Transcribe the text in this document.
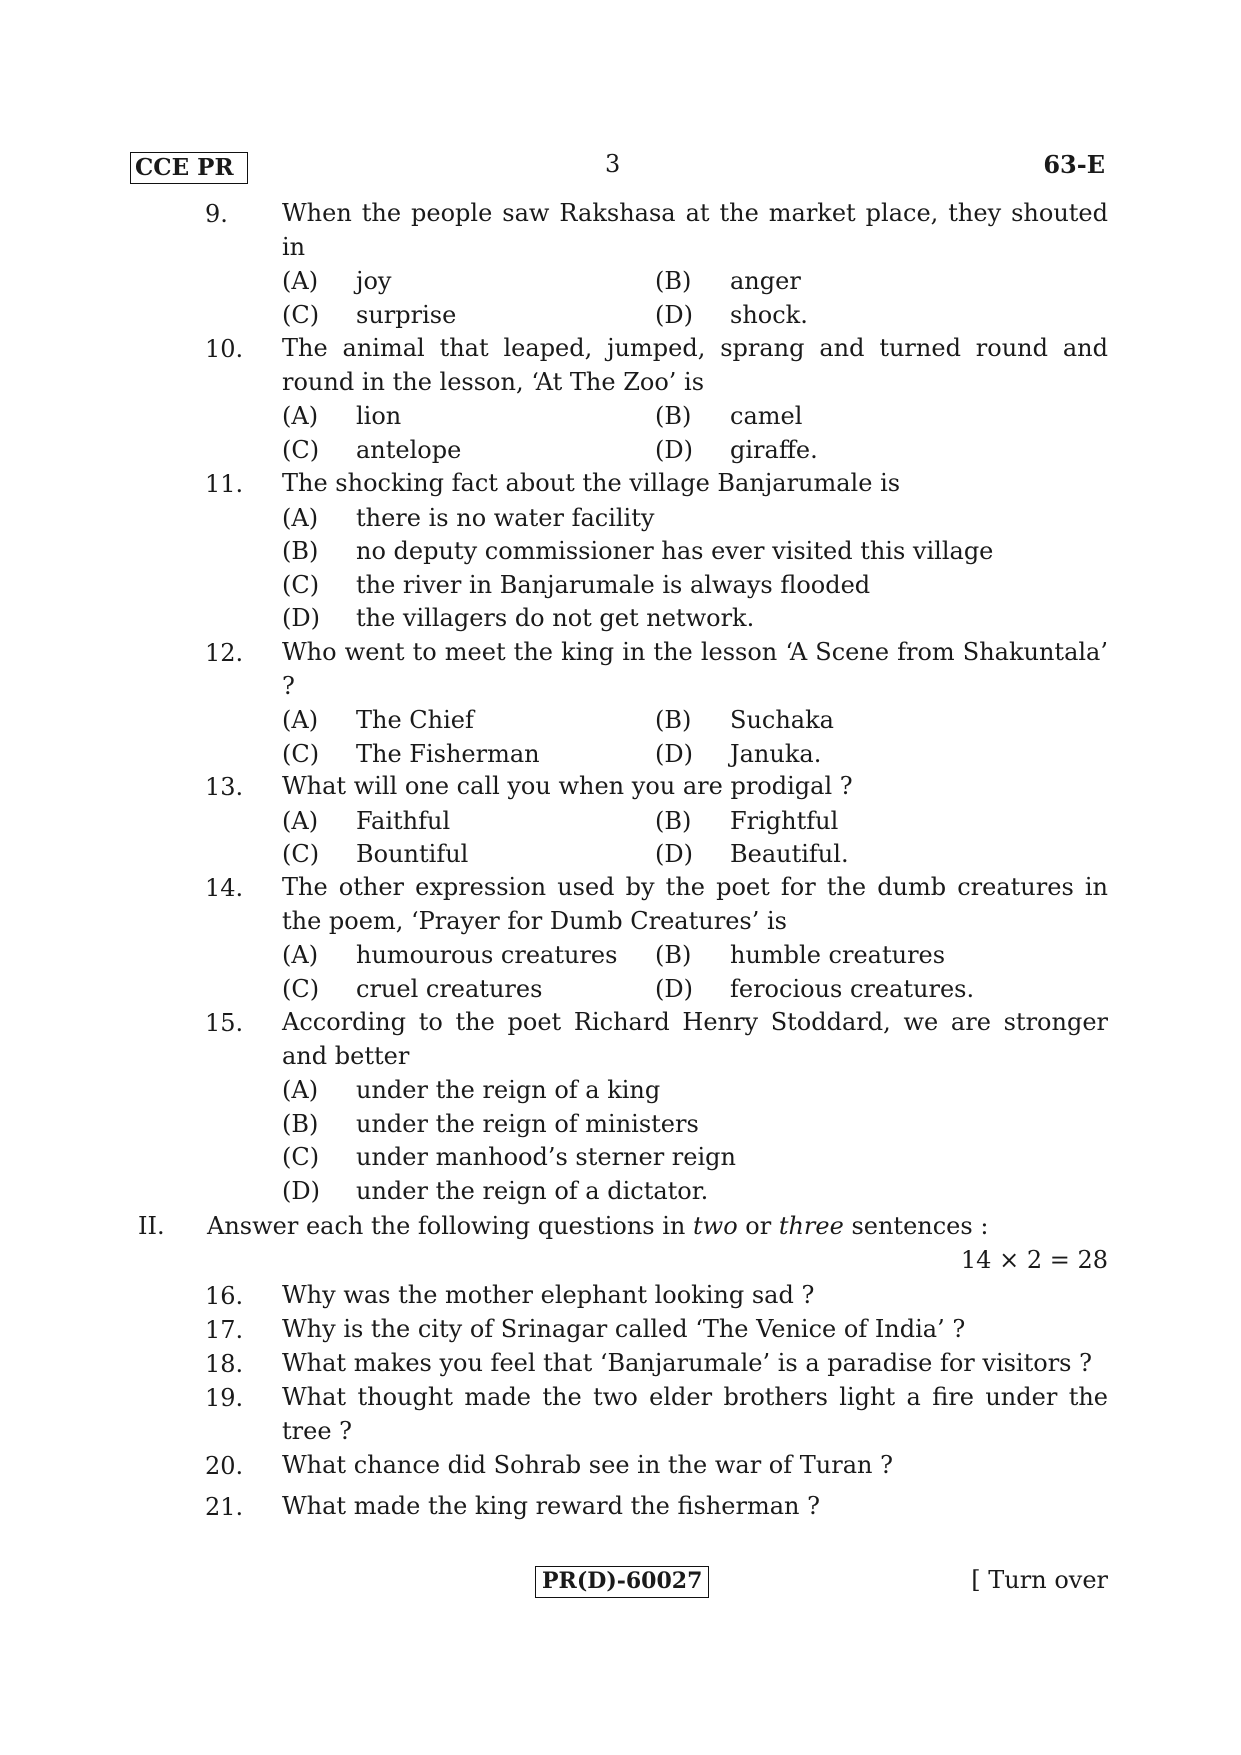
CCE PR	3	63-E
9. When the people saw Rakshasa at the market place, they shouted in
(A) joy	(B) anger
(C) surprise	(D) shock.
10. The animal that leaped, jumped, sprang and turned round and round in the lesson, ‘At The Zoo’ is
(A) lion	(B) camel
(C) antelope	(D) giraffe.
11. The shocking fact about the village Banjarumale is
(A) there is no water facility
(B) no deputy commissioner has ever visited this village
(C) the river in Banjarumale is always flooded
(D) the villagers do not get network.
12. Who went to meet the king in the lesson ‘A Scene from Shakuntala’ ?
(A) The Chief	(B) Suchaka
(C) The Fisherman	(D) Januka.
13. What will one call you when you are prodigal ?
(A) Faithful	(B) Frightful
(C) Bountiful	(D) Beautiful.
14. The other expression used by the poet for the dumb creatures in the poem, ‘Prayer for Dumb Creatures’ is
(A) humourous creatures (B) humble creatures
(C) cruel creatures	(D) ferocious creatures.
15. According to the poet Richard Henry Stoddard, we are stronger and better
(A) under the reign of a king
(B) under the reign of ministers
(C) under manhood’s sterner reign
(D) under the reign of a dictator.
II. Answer each the following questions in two or three sentences :
14 × 2 = 28
16. Why was the mother elephant looking sad ?
17. Why is the city of Srinagar called ‘The Venice of India’ ?
18. What makes you feel that ‘Banjarumale’ is a paradise for visitors ?
19. What thought made the two elder brothers light a fire under the tree ?
20. What chance did Sohrab see in the war of Turan ?
21. What made the king reward the fisherman ?
PR(D)-60027	[ Turn over
